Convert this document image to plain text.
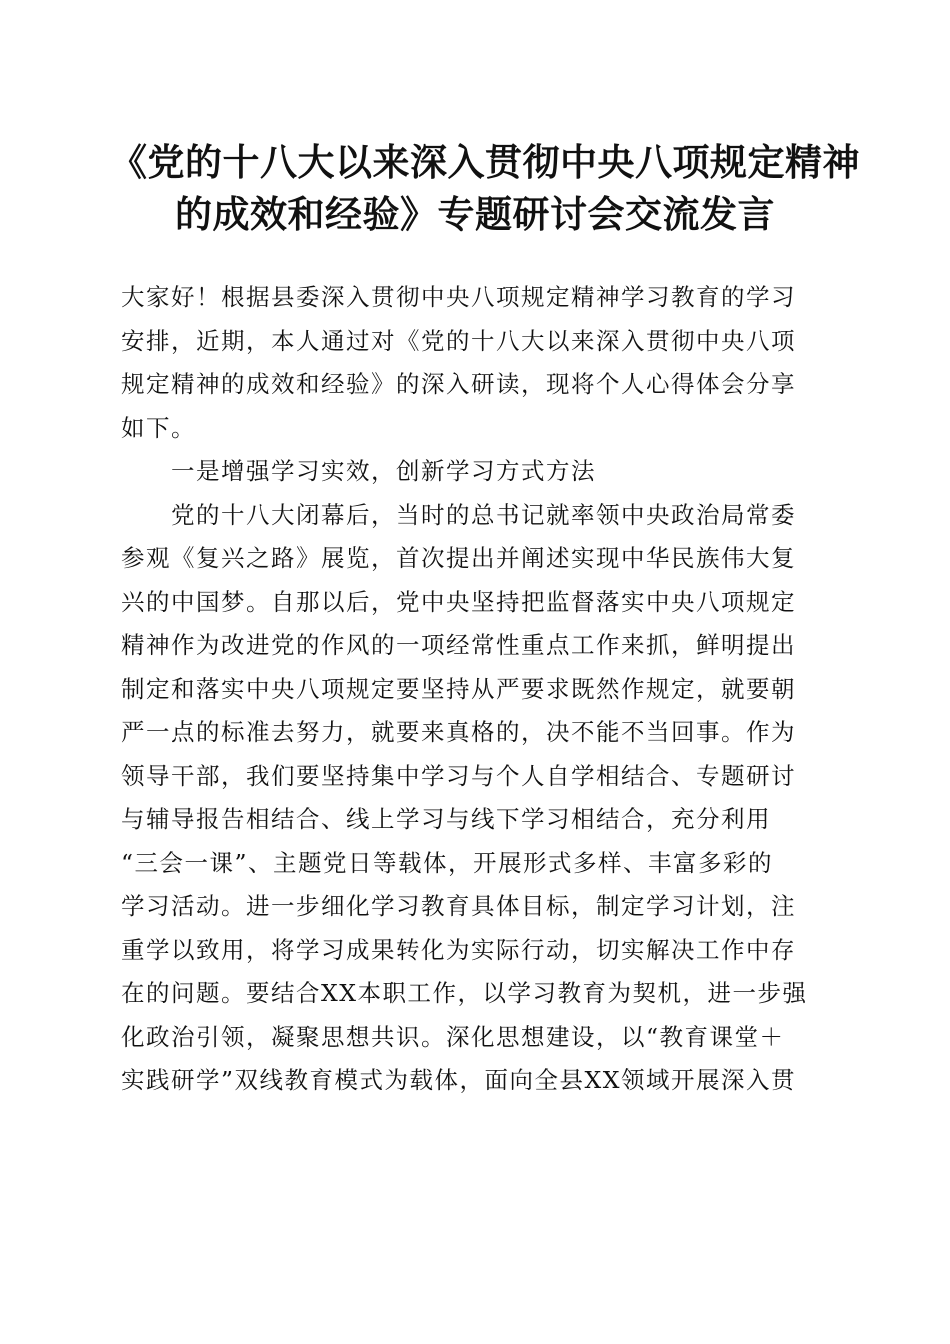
《党的十八大以来深入贯彻中央八项规定精神
的成效和经验》专题研讨会交流发言

大家好！根据县委深入贯彻中央八项规定精神学习教育的学习
安排，近期，本人通过对《党的十八大以来深入贯彻中央八项
规定精神的成效和经验》的深入研读，现将个人心得体会分享
如下。

一是增强学习实效，创新学习方式方法

党的十八大闭幕后，当时的总书记就率领中央政治局常委
参观《复兴之路》展览，首次提出并阐述实现中华民族伟大复
兴的中国梦。自那以后，党中央坚持把监督落实中央八项规定
精神作为改进党的作风的一项经常性重点工作来抓，鲜明提出
制定和落实中央八项规定要坚持从严要求既然作规定，就要朝
严一点的标准去努力，就要来真格的，决不能不当回事。作为
领导干部，我们要坚持集中学习与个人自学相结合、专题研讨
与辅导报告相结合、线上学习与线下学习相结合，充分利用
“三会一课”、主题党日等载体，开展形式多样、丰富多彩的
学习活动。进一步细化学习教育具体目标，制定学习计划，注
重学以致用，将学习成果转化为实际行动，切实解决工作中存
在的问题。要结合XX本职工作，以学习教育为契机，进一步强
化政治引领，凝聚思想共识。深化思想建设，以“教育课堂＋
实践研学”双线教育模式为载体，面向全县XX领域开展深入贯
